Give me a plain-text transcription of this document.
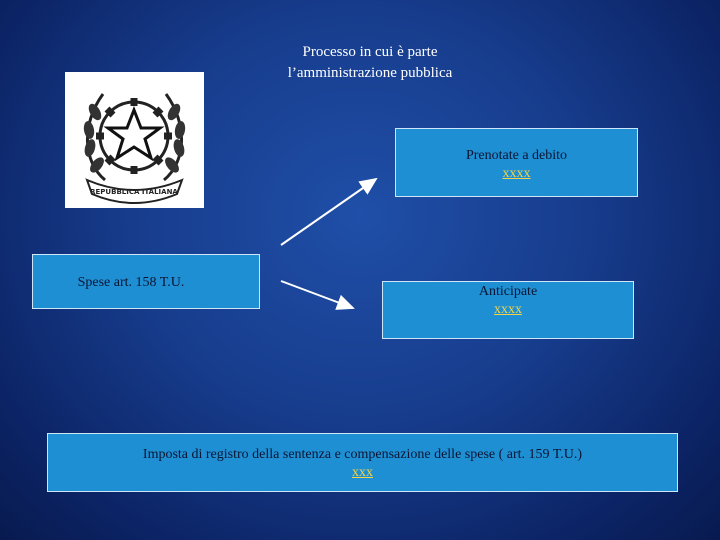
Processo in cui è parte
l’amministrazione pubblica
REPUBBLICA ITALIANA
Prenotate a debito
xxxx
Spese art. 158 T.U.
Anticipate
xxxx
Imposta di registro della sentenza e compensazione delle spese ( art. 159 T.U.)
xxx
